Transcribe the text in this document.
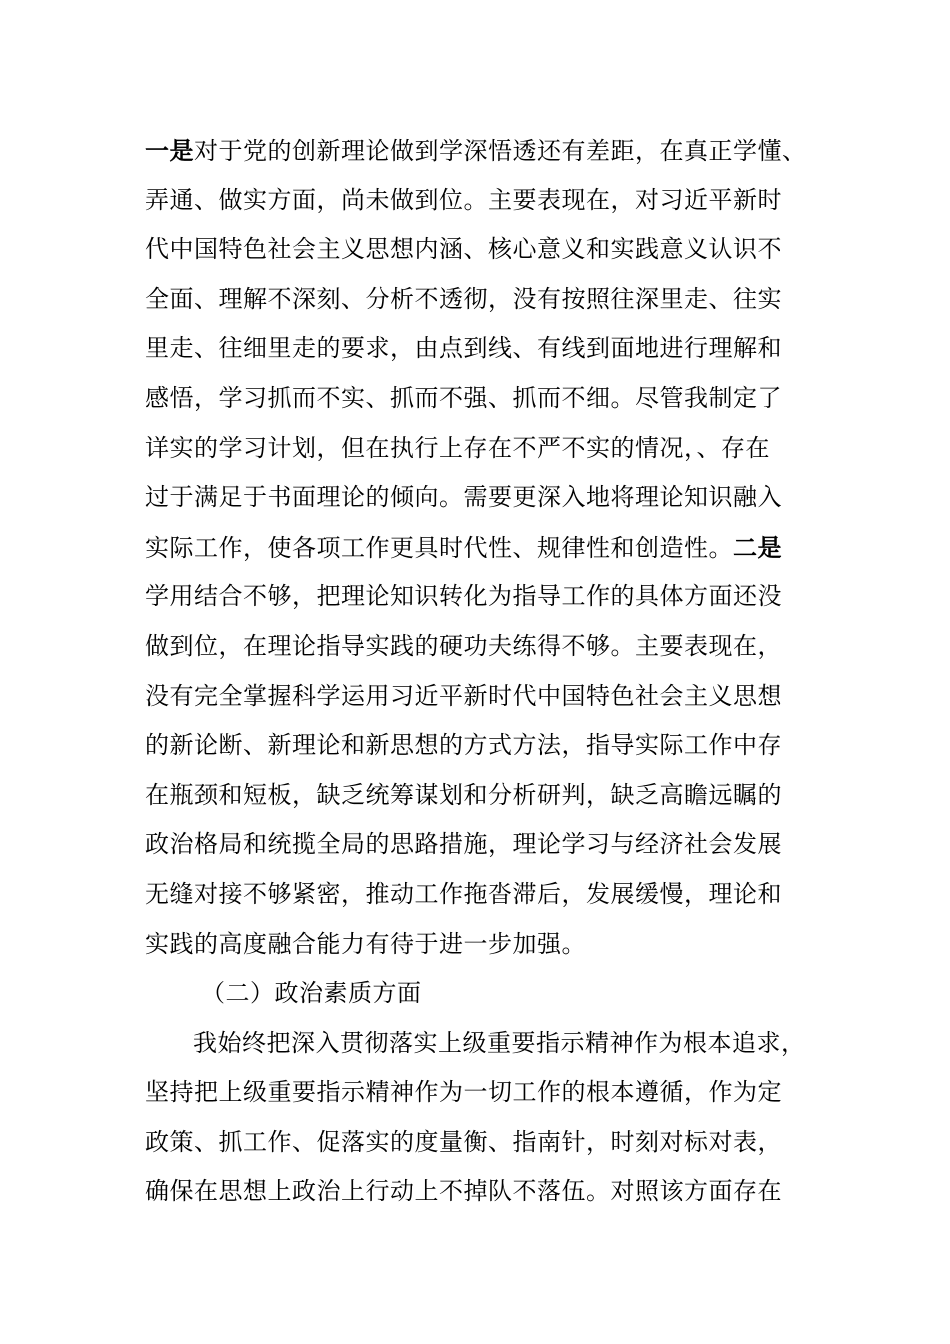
一是对于党的创新理论做到学深悟透还有差距，在真正学懂、
弄通、做实方面，尚未做到位。主要表现在，对习近平新时
代中国特色社会主义思想内涵、核心意义和实践意义认识不
全面、理解不深刻、分析不透彻，没有按照往深里走、往实
里走、往细里走的要求，由点到线、有线到面地进行理解和
感悟，学习抓而不实、抓而不强、抓而不细。尽管我制定了
详实的学习计划，但在执行上存在不严不实的情况，、存在
过于满足于书面理论的倾向。需要更深入地将理论知识融入
实际工作，使各项工作更具时代性、规律性和创造性。二是
学用结合不够，把理论知识转化为指导工作的具体方面还没
做到位，在理论指导实践的硬功夫练得不够。主要表现在，
没有完全掌握科学运用习近平新时代中国特色社会主义思想
的新论断、新理论和新思想的方式方法，指导实际工作中存
在瓶颈和短板，缺乏统筹谋划和分析研判，缺乏高瞻远瞩的
政治格局和统揽全局的思路措施，理论学习与经济社会发展
无缝对接不够紧密，推动工作拖沓滞后，发展缓慢，理论和
实践的高度融合能力有待于进一步加强。
（二）政治素质方面
我始终把深入贯彻落实上级重要指示精神作为根本追求，
坚持把上级重要指示精神作为一切工作的根本遵循，作为定
政策、抓工作、促落实的度量衡、指南针，时刻对标对表，
确保在思想上政治上行动上不掉队不落伍。对照该方面存在
